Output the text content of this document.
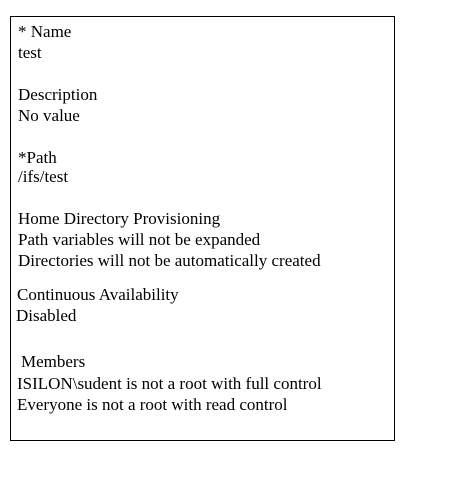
* Name
test
Description
No value
*Path
/ifs/test
Home Directory Provisioning
Path variables will not be expanded
Directories will not be automatically created
Continuous Availability
Disabled
Members
ISILON\sudent is not a root with full control
Everyone is not a root with read control
